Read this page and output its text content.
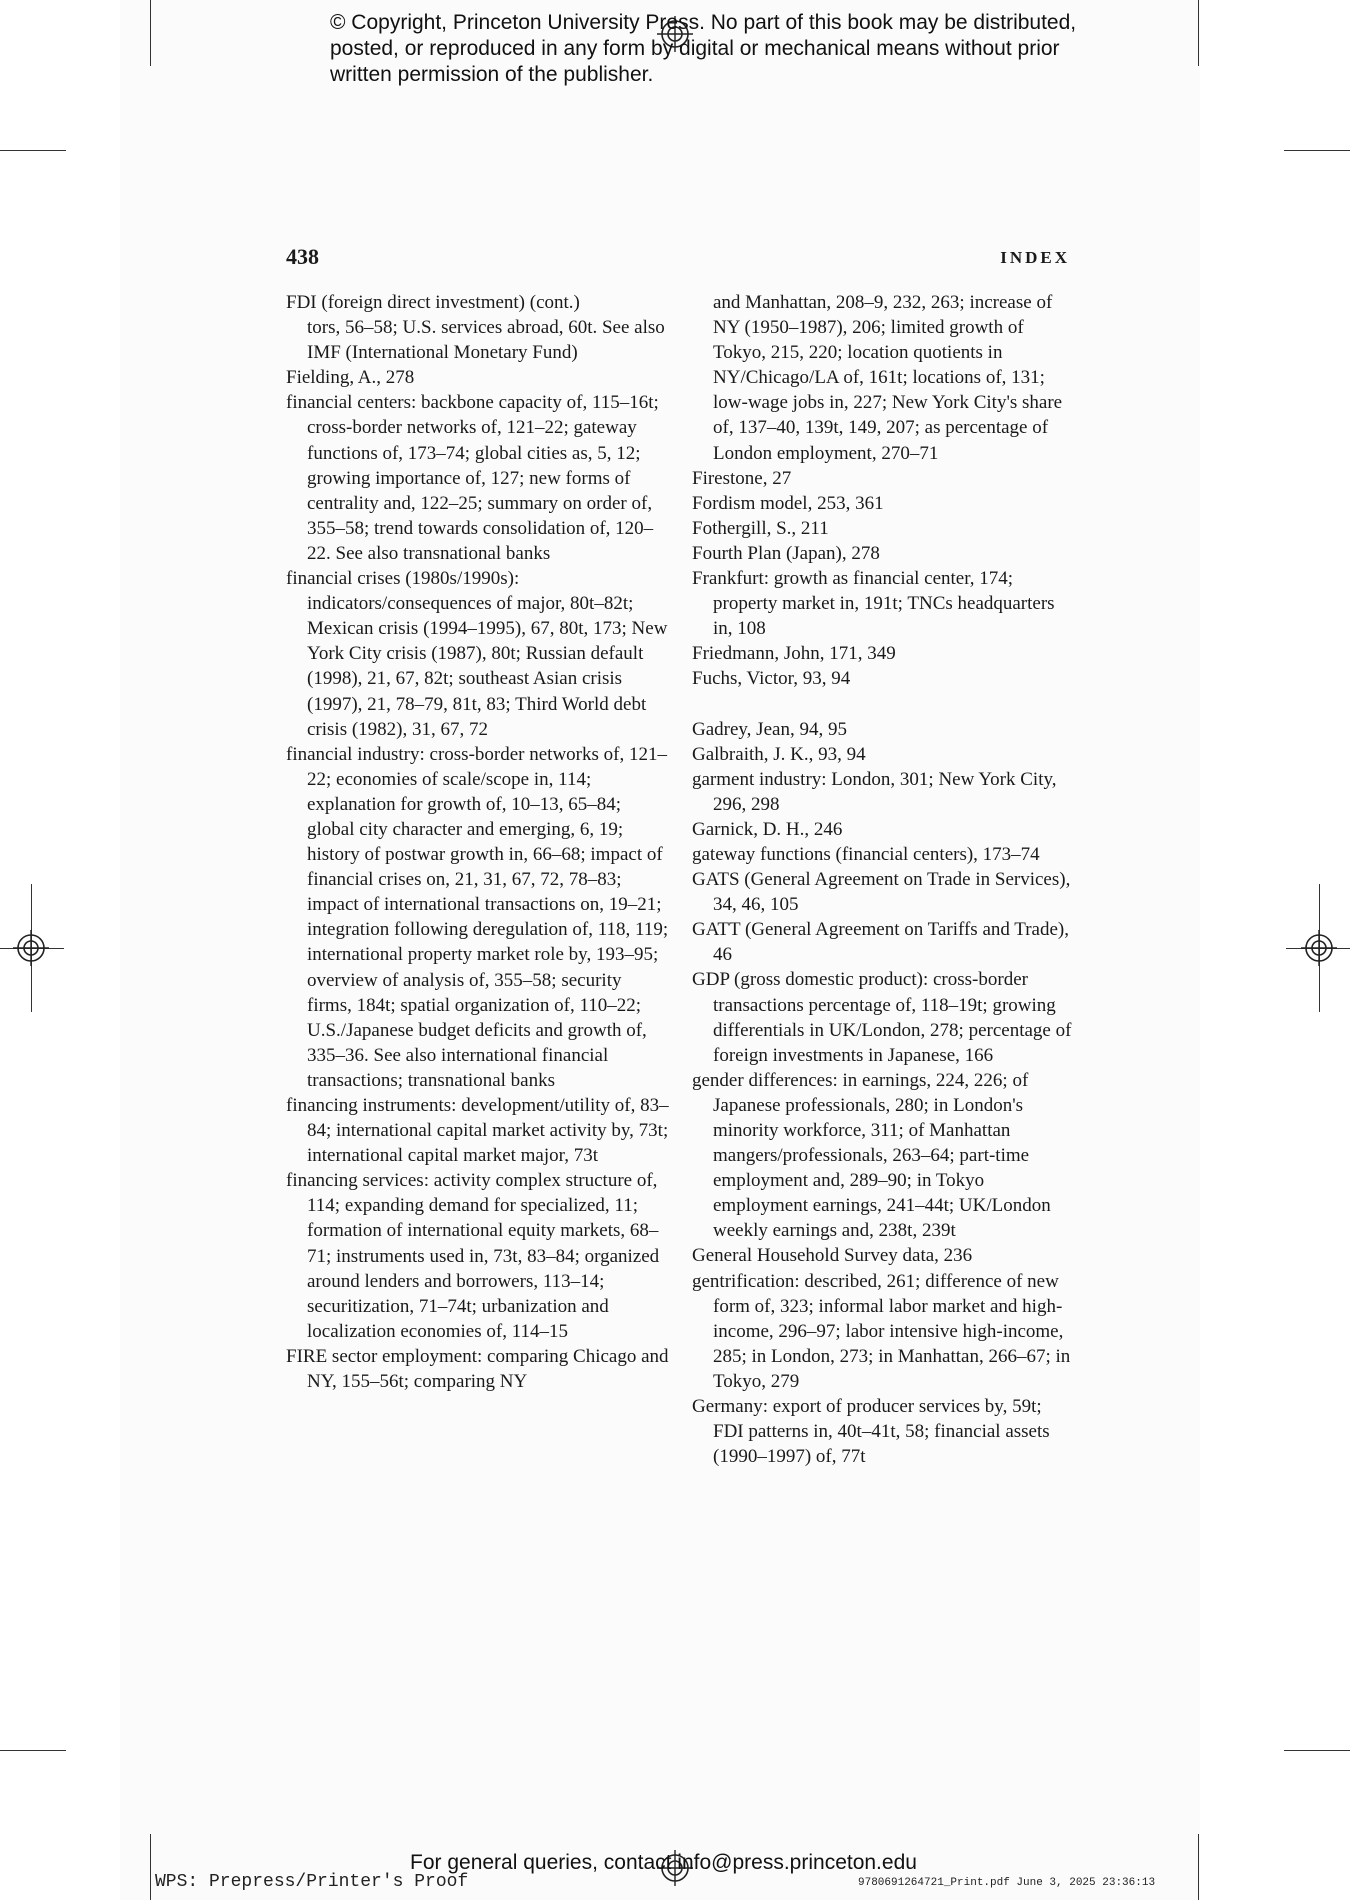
© Copyright, Princeton University Press. No part of this book may be distributed, posted, or reproduced in any form by digital or mechanical means without prior written permission of the publisher.

438	INDEX

FDI (foreign direct investment) (cont.)

tors, 56–58; U.S. services abroad, 60t. See also IMF (International Monetary Fund)

Fielding, A., 278

financial centers: backbone capacity of, 115–16t; cross-border networks of, 121–22; gateway functions of, 173–74; global cities as, 5, 12; growing importance of, 127; new forms of centrality and, 122–25; summary on order of, 355–58; trend towards consolidation of, 120–22. See also transnational banks

financial crises (1980s/1990s): indicators/consequences of major, 80t–82t; Mexican crisis (1994–1995), 67, 80t, 173; New York City crisis (1987), 80t; Russian default (1998), 21, 67, 82t; southeast Asian crisis (1997), 21, 78–79, 81t, 83; Third World debt crisis (1982), 31, 67, 72

financial industry: cross-border networks of, 121–22; economies of scale/scope in, 114; explanation for growth of, 10–13, 65–84; global city character and emerging, 6, 19; history of postwar growth in, 66–68; impact of financial crises on, 21, 31, 67, 72, 78–83; impact of international transactions on, 19–21; integration following deregulation of, 118, 119; international property market role by, 193–95; overview of analysis of, 355–58; security firms, 184t; spatial organization of, 110–22; U.S./Japanese budget deficits and growth of, 335–36. See also international financial transactions; transnational banks

financing instruments: development/utility of, 83–84; international capital market activity by, 73t; international capital market major, 73t

financing services: activity complex structure of, 114; expanding demand for specialized, 11; formation of international equity markets, 68–71; instruments used in, 73t, 83–84; organized around lenders and borrowers, 113–14; securitization, 71–74t; urbanization and localization economies of, 114–15

FIRE sector employment: comparing Chicago and NY, 155–56t; comparing NY

and Manhattan, 208–9, 232, 263; increase of NY (1950–1987), 206; limited growth of Tokyo, 215, 220; location quotients in NY/Chicago/LA of, 161t; locations of, 131; low-wage jobs in, 227; New York City's share of, 137–40, 139t, 149, 207; as percentage of London employment, 270–71

Firestone, 27

Fordism model, 253, 361

Fothergill, S., 211

Fourth Plan (Japan), 278

Frankfurt: growth as financial center, 174; property market in, 191t; TNCs headquarters in, 108

Friedmann, John, 171, 349

Fuchs, Victor, 93, 94

Gadrey, Jean, 94, 95

Galbraith, J. K., 93, 94

garment industry: London, 301; New York City, 296, 298

Garnick, D. H., 246

gateway functions (financial centers), 173–74

GATS (General Agreement on Trade in Services), 34, 46, 105

GATT (General Agreement on Tariffs and Trade), 46

GDP (gross domestic product): cross-border transactions percentage of, 118–19t; growing differentials in UK/London, 278; percentage of foreign investments in Japanese, 166

gender differences: in earnings, 224, 226; of Japanese professionals, 280; in London's minority workforce, 311; of Manhattan mangers/professionals, 263–64; part-time employment and, 289–90; in Tokyo employment earnings, 241–44t; UK/London weekly earnings and, 238t, 239t

General Household Survey data, 236

gentrification: described, 261; difference of new form of, 323; informal labor market and high-income, 296–97; labor intensive high-income, 285; in London, 273; in Manhattan, 266–67; in Tokyo, 279

Germany: export of producer services by, 59t; FDI patterns in, 40t–41t, 58; financial assets (1990–1997) of, 77t

For general queries, contact info@press.princeton.edu
WPS: Prepress/Printer's Proof	9780691264721_Print.pdf June 3, 2025 23:36:13
